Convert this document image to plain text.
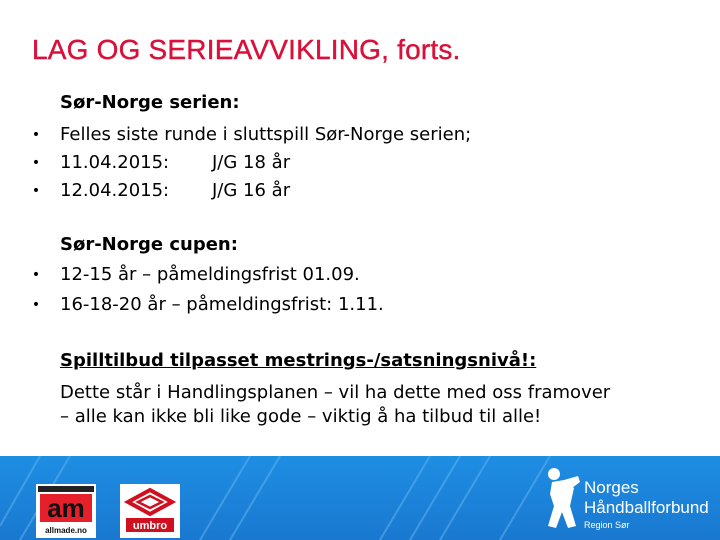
LAG OG SERIEAVVIKLING, forts.
Sør-Norge serien:
• Felles siste runde i sluttspill Sør-Norge serien;
• 11.04.2015: J/G 18 år
• 12.04.2015: J/G 16 år
Sør-Norge cupen:
• 12-15 år – påmeldingsfrist 01.09.
• 16-18-20 år – påmeldingsfrist: 1.11.
Spilltilbud tilpasset mestrings-/satsningsnivå!:
Dette står i Handlingsplanen – vil ha dette med oss framover
– alle kan ikke bli like gode – viktig å ha tilbud til alle!
am
allmade.no	umbro
Norges
Håndballforbund
Region Sør
